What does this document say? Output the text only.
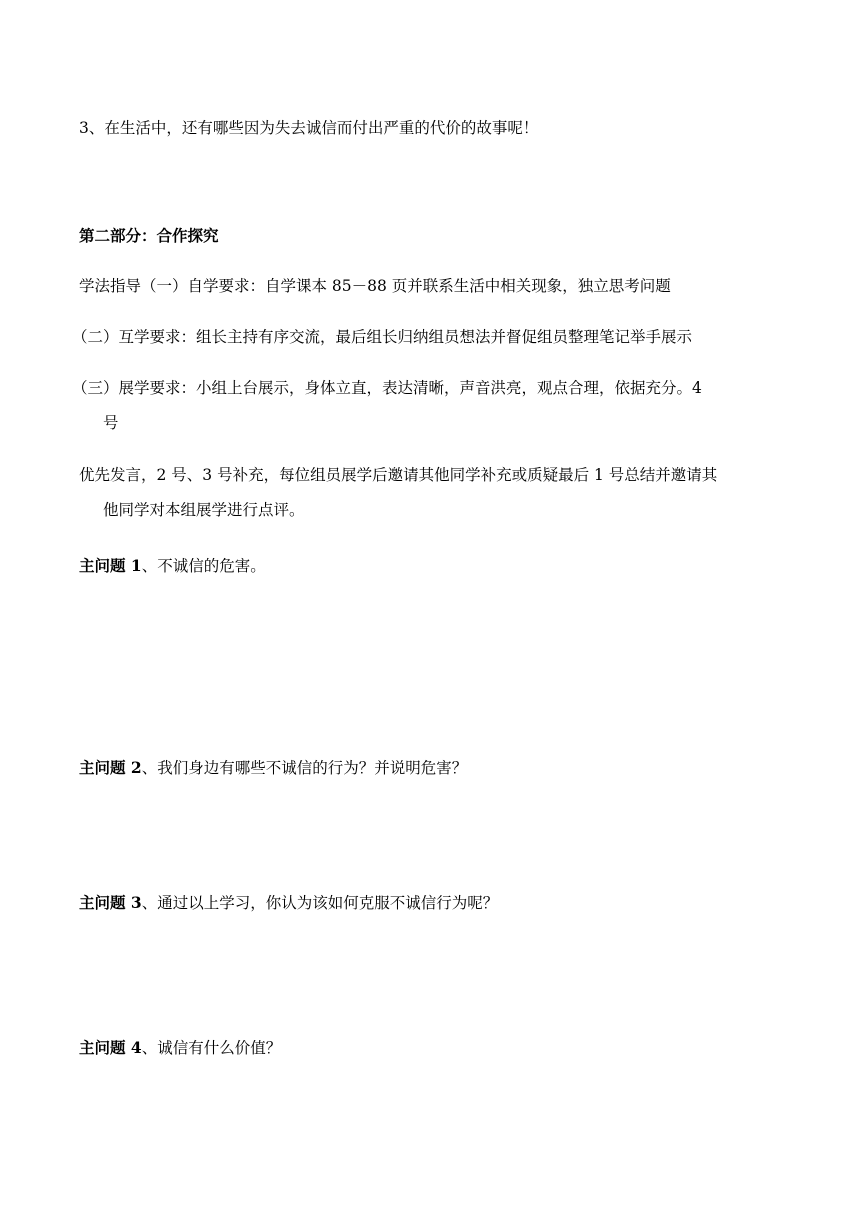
3、在生活中，还有哪些因为失去诚信而付出严重的代价的故事呢！
第二部分：合作探究
学法指导（一）自学要求：自学课本 85－88 页并联系生活中相关现象，独立思考问题
（二）互学要求：组长主持有序交流，最后组长归纳组员想法并督促组员整理笔记举手展示
（三）展学要求：小组上台展示，身体立直，表达清晰，声音洪亮，观点合理，依据充分。4
号
优先发言，2 号、3 号补充，每位组员展学后邀请其他同学补充或质疑最后 1 号总结并邀请其
他同学对本组展学进行点评。
主问题 1、不诚信的危害。
主问题 2、我们身边有哪些不诚信的行为？并说明危害？
主问题 3、通过以上学习，你认为该如何克服不诚信行为呢？
主问题 4、诚信有什么价值？
